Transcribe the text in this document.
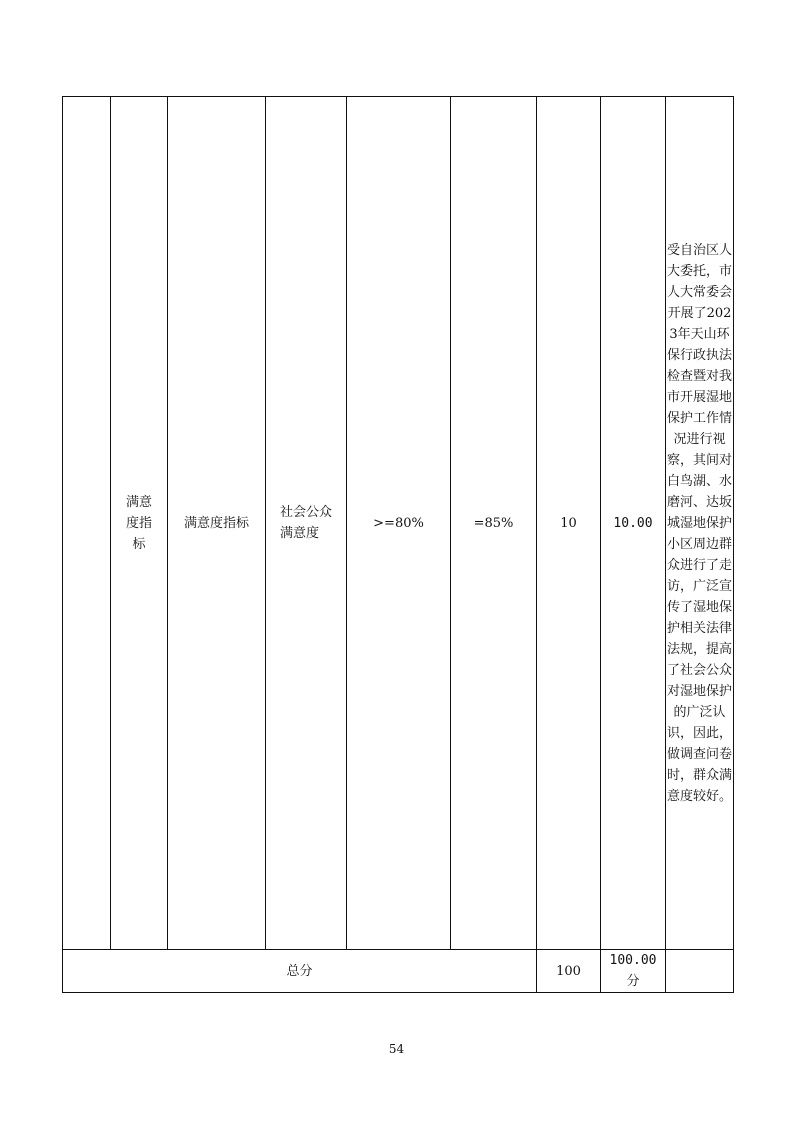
	满意度指标	满意度指标	社会公众满意度	>=80%	=85%	10	10.00	受自治区人大委托，市人大常委会开展了2023年天山环保行政执法检查暨对我市开展湿地保护工作情况进行视察，其间对白鸟湖、水磨河、达坂城湿地保护小区周边群众进行了走访，广泛宣传了湿地保护相关法律法规，提高了社会公众对湿地保护的广泛认识，因此，做调查问卷时，群众满意度较好。

总分						100	100.00分	
54
